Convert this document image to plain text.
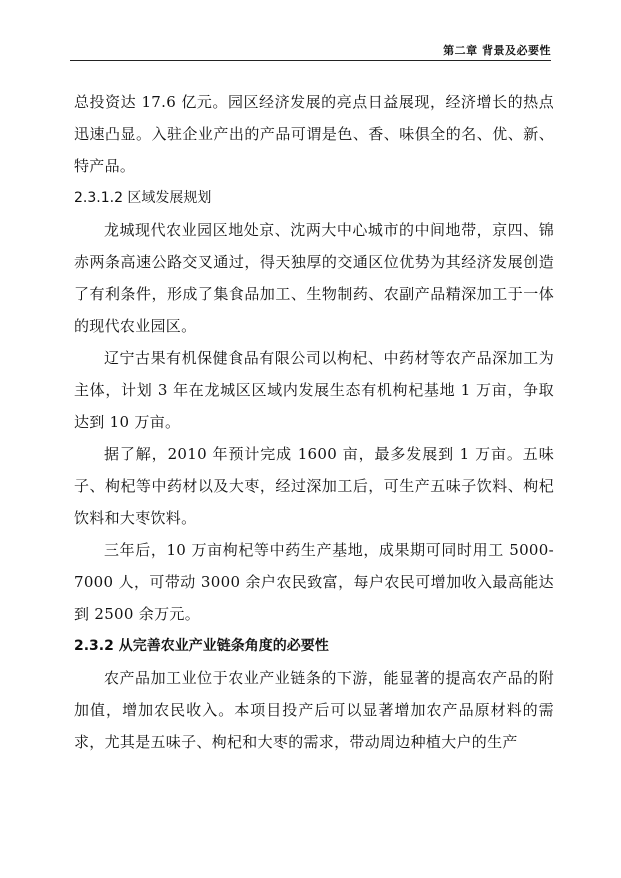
第二章 背景及必要性

总投资达 17.6 亿元。园区经济发展的亮点日益展现，经济增长的热点迅速凸显。入驻企业产出的产品可谓是色、香、味俱全的名、优、新、特产品。

2.3.1.2 区域发展规划

龙城现代农业园区地处京、沈两大中心城市的中间地带，京四、锦赤两条高速公路交叉通过，得天独厚的交通区位优势为其经济发展创造了有利条件，形成了集食品加工、生物制药、农副产品精深加工于一体的现代农业园区。

辽宁古果有机保健食品有限公司以枸杞、中药材等农产品深加工为主体，计划 3 年在龙城区区域内发展生态有机枸杞基地 1 万亩，争取达到 10 万亩。

据了解，2010 年预计完成 1600 亩，最多发展到 1 万亩。五味子、枸杞等中药材以及大枣，经过深加工后，可生产五味子饮料、枸杞饮料和大枣饮料。

三年后，10 万亩枸杞等中药生产基地，成果期可同时用工 5000-7000 人，可带动 3000 余户农民致富，每户农民可增加收入最高能达到 2500 余万元。

2.3.2 从完善农业产业链条角度的必要性

农产品加工业位于农业产业链条的下游，能显著的提高农产品的附加值，增加农民收入。本项目投产后可以显著增加农产品原材料的需求，尤其是五味子、枸杞和大枣的需求，带动周边种植大户的生产
